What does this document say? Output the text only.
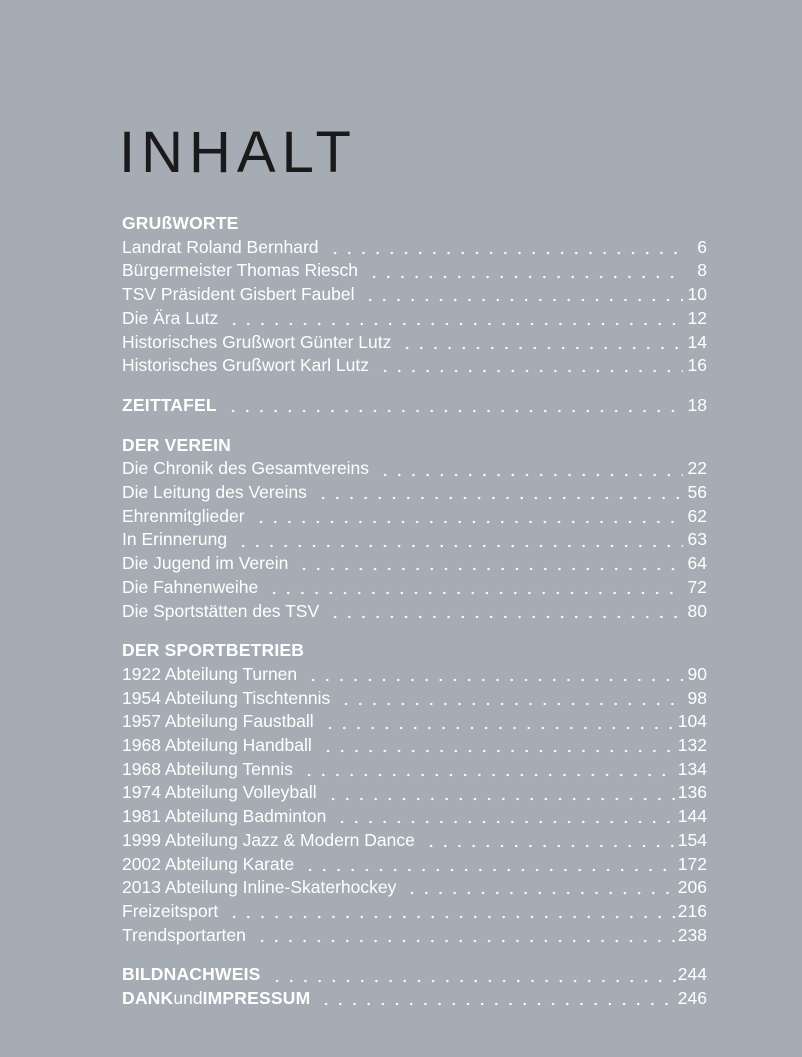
INHALT
GRUßWORTE
Landrat Roland Bernhard	6
Bürgermeister Thomas Riesch	8
TSV Präsident Gisbert Faubel	10
Die Ära Lutz	12
Historisches Grußwort Günter Lutz	14
Historisches Grußwort Karl Lutz	16
ZEITTAFEL	18
DER VEREIN
Die Chronik des Gesamtvereins	22
Die Leitung des Vereins	56
Ehrenmitglieder	62
In Erinnerung	63
Die Jugend im Verein	64
Die Fahnenweihe	72
Die Sportstätten des TSV	80
DER SPORTBETRIEB
1922 Abteilung Turnen	90
1954 Abteilung Tischtennis	98
1957 Abteilung Faustball	104
1968 Abteilung Handball	132
1968 Abteilung Tennis	134
1974 Abteilung Volleyball	136
1981 Abteilung Badminton	144
1999 Abteilung Jazz & Modern Dance	154
2002 Abteilung Karate	172
2013 Abteilung Inline-Skaterhockey	206
Freizeitsport	216
Trendsportarten	238
BILDNACHWEIS	244
DANK und IMPRESSUM	246
